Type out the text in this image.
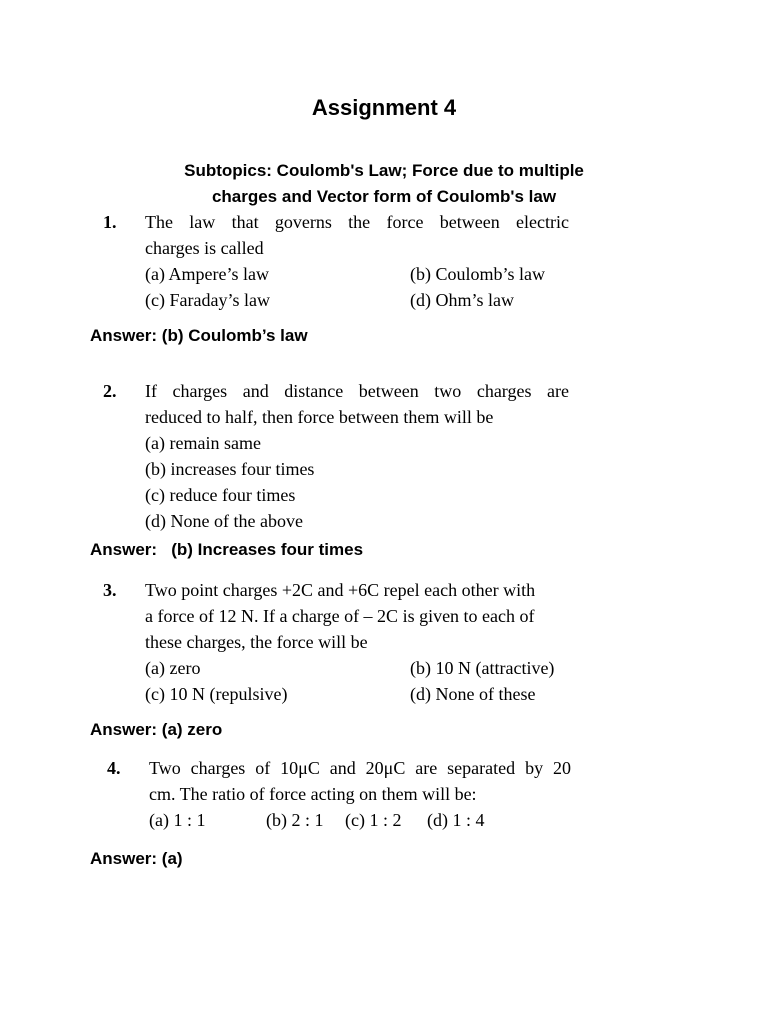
Assignment 4
Subtopics: Coulomb's Law; Force due to multiple
charges and Vector form of Coulomb's law
1. The law that governs the force between electric
charges is called
(a) Ampere’s law	(b) Coulomb’s law
(c) Faraday’s law	(d) Ohm’s law
Answer: (b) Coulomb’s law
2. If charges and distance between two charges are
reduced to half, then force between them will be
(a) remain same
(b) increases four times
(c) reduce four times
(d) None of the above
Answer:   (b) Increases four times
3. Two point charges +2C and +6C repel each other with
a force of 12 N. If a charge of – 2C is given to each of
these charges, the force will be
(a) zero	(b) 10 N (attractive)
(c) 10 N (repulsive)	(d) None of these
Answer: (a) zero
4. Two charges of 10μC and 20μC are separated by 20
cm. The ratio of force acting on them will be:
(a) 1 : 1	(b) 2 : 1 (c) 1 : 2 (d) 1 : 4
Answer: (a)
